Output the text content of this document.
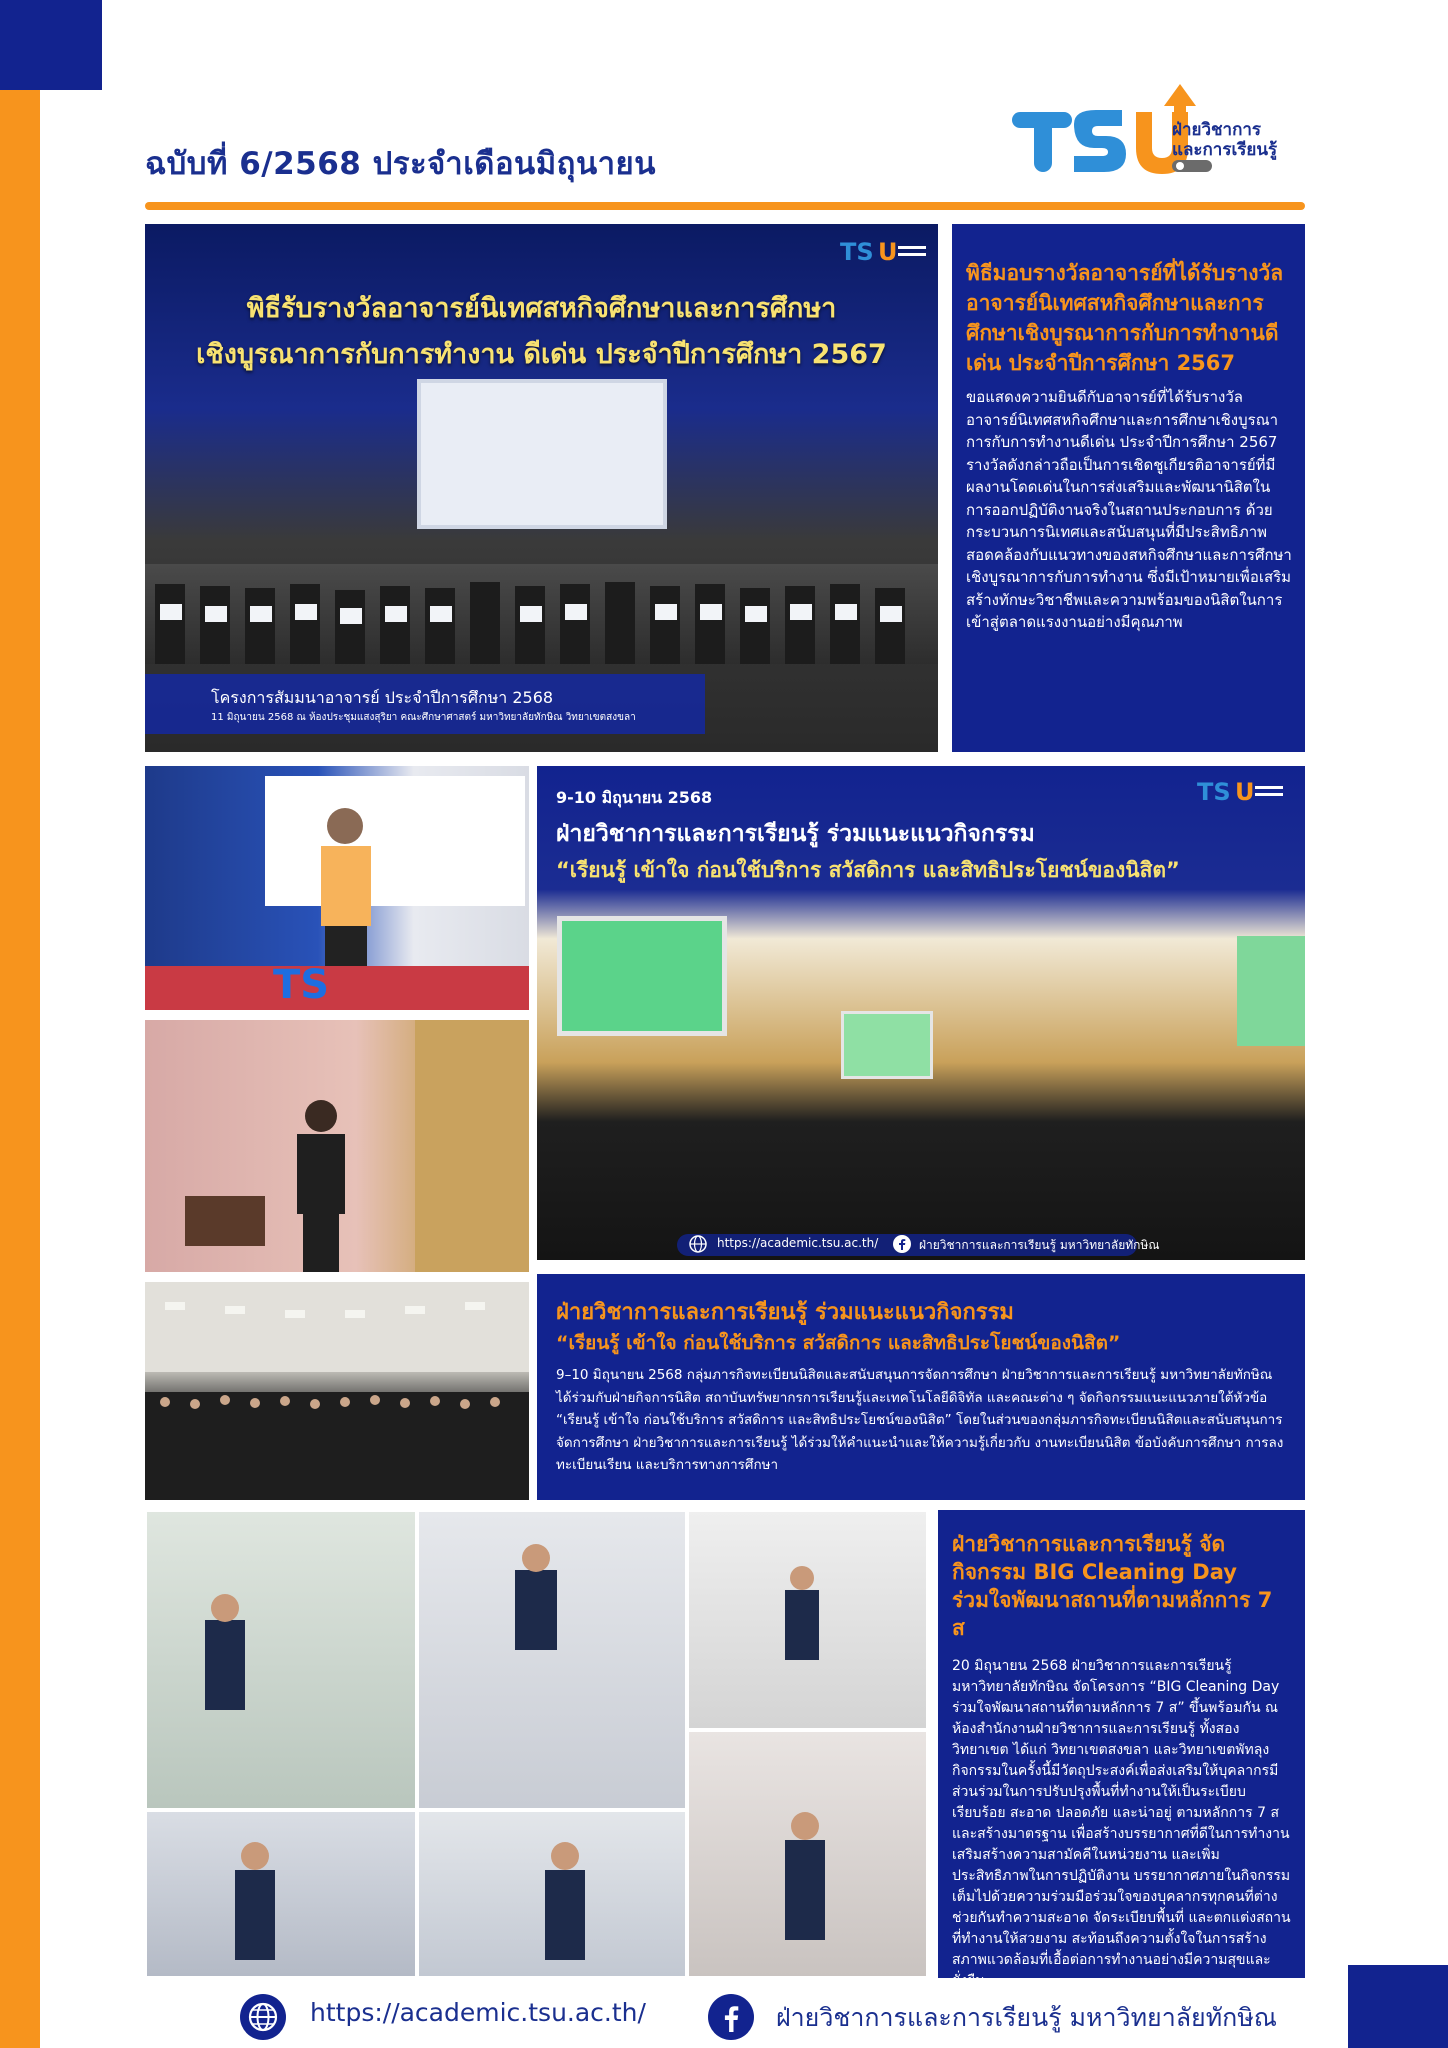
ฉบับที่ 6/2568 ประจำเดือนมิถุนายน
ฝ่ายวิชาการ
และการเรียนรู้
TS U
พิธีรับรางวัลอาจารย์นิเทศสหกิจศึกษาและการศึกษา
เชิงบูรณาการกับการทำงาน ดีเด่น ประจำปีการศึกษา 2567
โครงการสัมมนาอาจารย์ ประจำปีการศึกษา 2568
11 มิถุนายน 2568 ณ ห้องประชุมแสงสุริยา คณะศึกษาศาสตร์ มหาวิทยาลัยทักษิณ วิทยาเขตสงขลา
พิธีมอบรางวัลอาจารย์ที่ได้รับรางวัลอาจารย์นิเทศสหกิจศึกษาและการศึกษาเชิงบูรณาการกับการทำงานดีเด่น ประจำปีการศึกษา 2567

ขอแสดงความยินดีกับอาจารย์ที่ได้รับรางวัลอาจารย์นิเทศสหกิจศึกษาและการศึกษาเชิงบูรณาการกับการทำงานดีเด่น ประจำปีการศึกษา 2567 รางวัลดังกล่าวถือเป็นการเชิดชูเกียรติอาจารย์ที่มีผลงานโดดเด่นในการส่งเสริมและพัฒนานิสิตในการออกปฏิบัติงานจริงในสถานประกอบการ ด้วยกระบวนการนิเทศและสนับสนุนที่มีประสิทธิภาพ สอดคล้องกับแนวทางของสหกิจศึกษาและการศึกษาเชิงบูรณาการกับการทำงาน ซึ่งมีเป้าหมายเพื่อเสริมสร้างทักษะวิชาชีพและความพร้อมของนิสิตในการเข้าสู่ตลาดแรงงานอย่างมีคุณภาพ

TS
TS U
9-10 มิถุนายน 2568
ฝ่ายวิชาการและการเรียนรู้ ร่วมแนะแนวกิจกรรม
“เรียนรู้ เข้าใจ ก่อนใช้บริการ สวัสดิการ และสิทธิประโยชน์ของนิสิต”
https://academic.tsu.ac.th/	ฝ่ายวิชาการและการเรียนรู้ มหาวิทยาลัยทักษิณ
ฝ่ายวิชาการและการเรียนรู้ ร่วมแนะแนวกิจกรรม
“เรียนรู้ เข้าใจ ก่อนใช้บริการ สวัสดิการ และสิทธิประโยชน์ของนิสิต”

9–10 มิถุนายน 2568 กลุ่มภารกิจทะเบียนนิสิตและสนับสนุนการจัดการศึกษา ฝ่ายวิชาการและการเรียนรู้ มหาวิทยาลัยทักษิณ ได้ร่วมกับฝ่ายกิจการนิสิต สถาบันทรัพยากรการเรียนรู้และเทคโนโลยีดิจิทัล และคณะต่าง ๆ จัดกิจกรรมแนะแนวภายใต้หัวข้อ “เรียนรู้ เข้าใจ ก่อนใช้บริการ สวัสดิการ และสิทธิประโยชน์ของนิสิต” โดยในส่วนของกลุ่มภารกิจทะเบียนนิสิตและสนับสนุนการจัดการศึกษา ฝ่ายวิชาการและการเรียนรู้ ได้ร่วมให้คำแนะนำและให้ความรู้เกี่ยวกับ งานทะเบียนนิสิต ข้อบังคับการศึกษา การลงทะเบียนเรียน และบริการทางการศึกษา

ฝ่ายวิชาการและการเรียนรู้ จัดกิจกรรม BIG Cleaning Day ร่วมใจพัฒนาสถานที่ตามหลักการ 7 ส

20 มิถุนายน 2568 ฝ่ายวิชาการและการเรียนรู้ มหาวิทยาลัยทักษิณ จัดโครงการ “BIG Cleaning Day ร่วมใจพัฒนาสถานที่ตามหลักการ 7 ส” ขึ้นพร้อมกัน ณ ห้องสำนักงานฝ่ายวิชาการและการเรียนรู้ ทั้งสองวิทยาเขต ได้แก่ วิทยาเขตสงขลา และวิทยาเขตพัทลุง กิจกรรมในครั้งนี้มีวัตถุประสงค์เพื่อส่งเสริมให้บุคลากรมีส่วนร่วมในการปรับปรุงพื้นที่ทำงานให้เป็นระเบียบเรียบร้อย สะอาด ปลอดภัย และน่าอยู่ ตามหลักการ 7 ส และสร้างมาตรฐาน เพื่อสร้างบรรยากาศที่ดีในการทำงาน เสริมสร้างความสามัคคีในหน่วยงาน และเพิ่มประสิทธิภาพในการปฏิบัติงาน บรรยากาศภายในกิจกรรมเต็มไปด้วยความร่วมมือร่วมใจของบุคลากรทุกคนที่ต่างช่วยกันทำความสะอาด จัดระเบียบพื้นที่ และตกแต่งสถานที่ทำงานให้สวยงาม สะท้อนถึงความตั้งใจในการสร้างสภาพแวดล้อมที่เอื้อต่อการทำงานอย่างมีความสุขและยั่งยืน

https://academic.tsu.ac.th/	ฝ่ายวิชาการและการเรียนรู้ มหาวิทยาลัยทักษิณ
